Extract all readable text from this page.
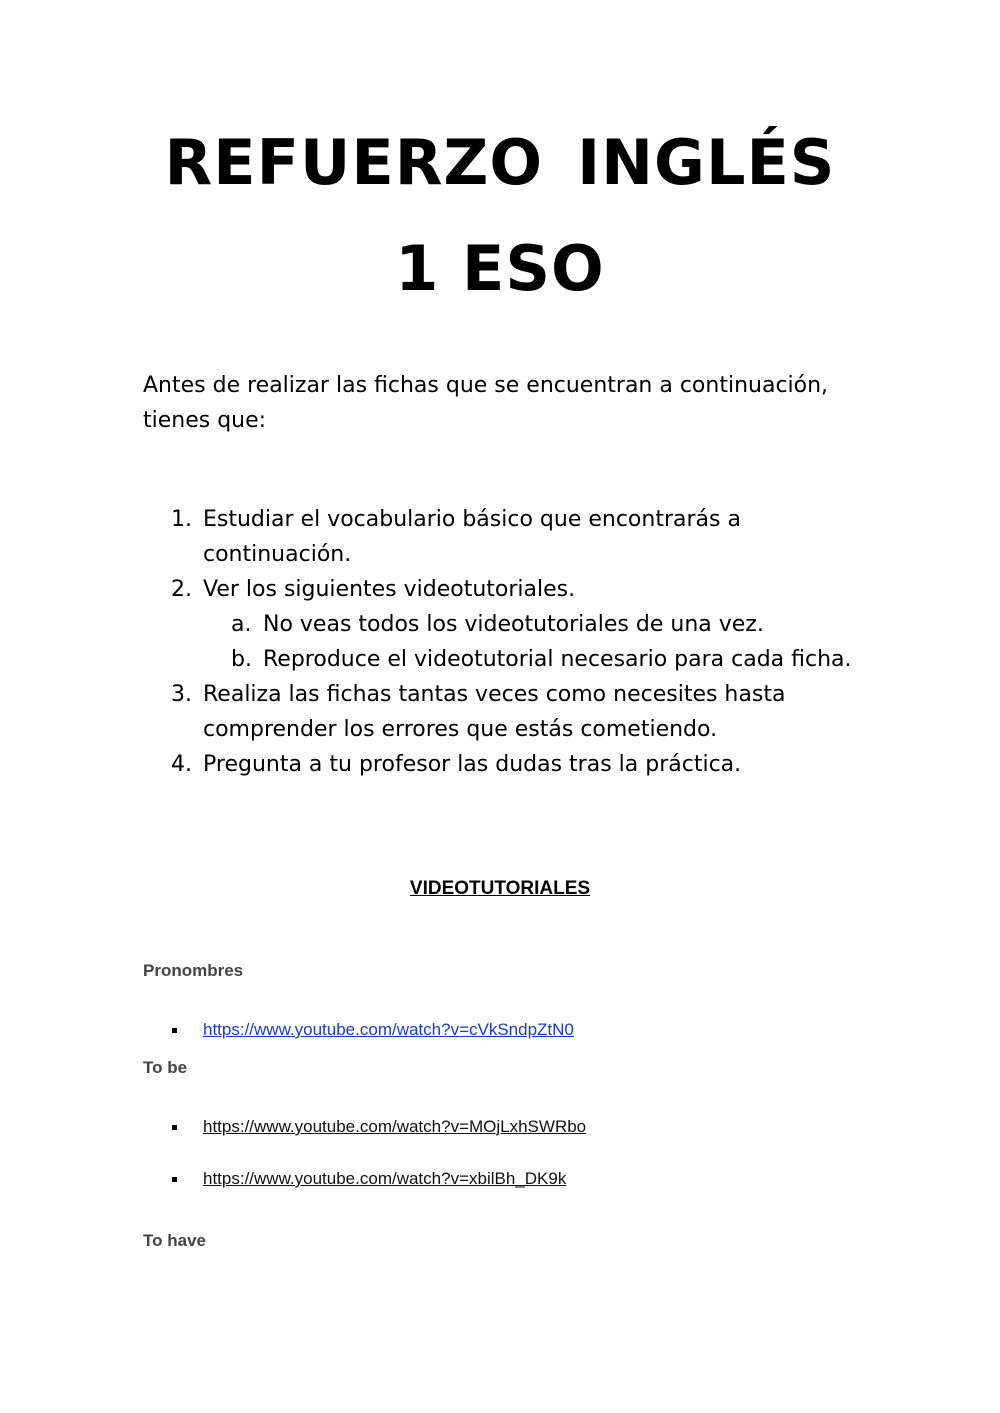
REFUERZO INGLÉS
1 ESO
Antes de realizar las fichas que se encuentran a continuación,
tienes que:
1. Estudiar el vocabulario básico que encontrarás a
continuación.
2. Ver los siguientes videotutoriales.
a. No veas todos los videotutoriales de una vez.
b. Reproduce el videotutorial necesario para cada ficha.
3. Realiza las fichas tantas veces como necesites hasta
comprender los errores que estás cometiendo.
4. Pregunta a tu profesor las dudas tras la práctica.
VIDEOTUTORIALES
Pronombres
https://www.youtube.com/watch?v=cVkSndpZtN0
To be
https://www.youtube.com/watch?v=MOjLxhSWRbo
https://www.youtube.com/watch?v=xbilBh_DK9k
To have
